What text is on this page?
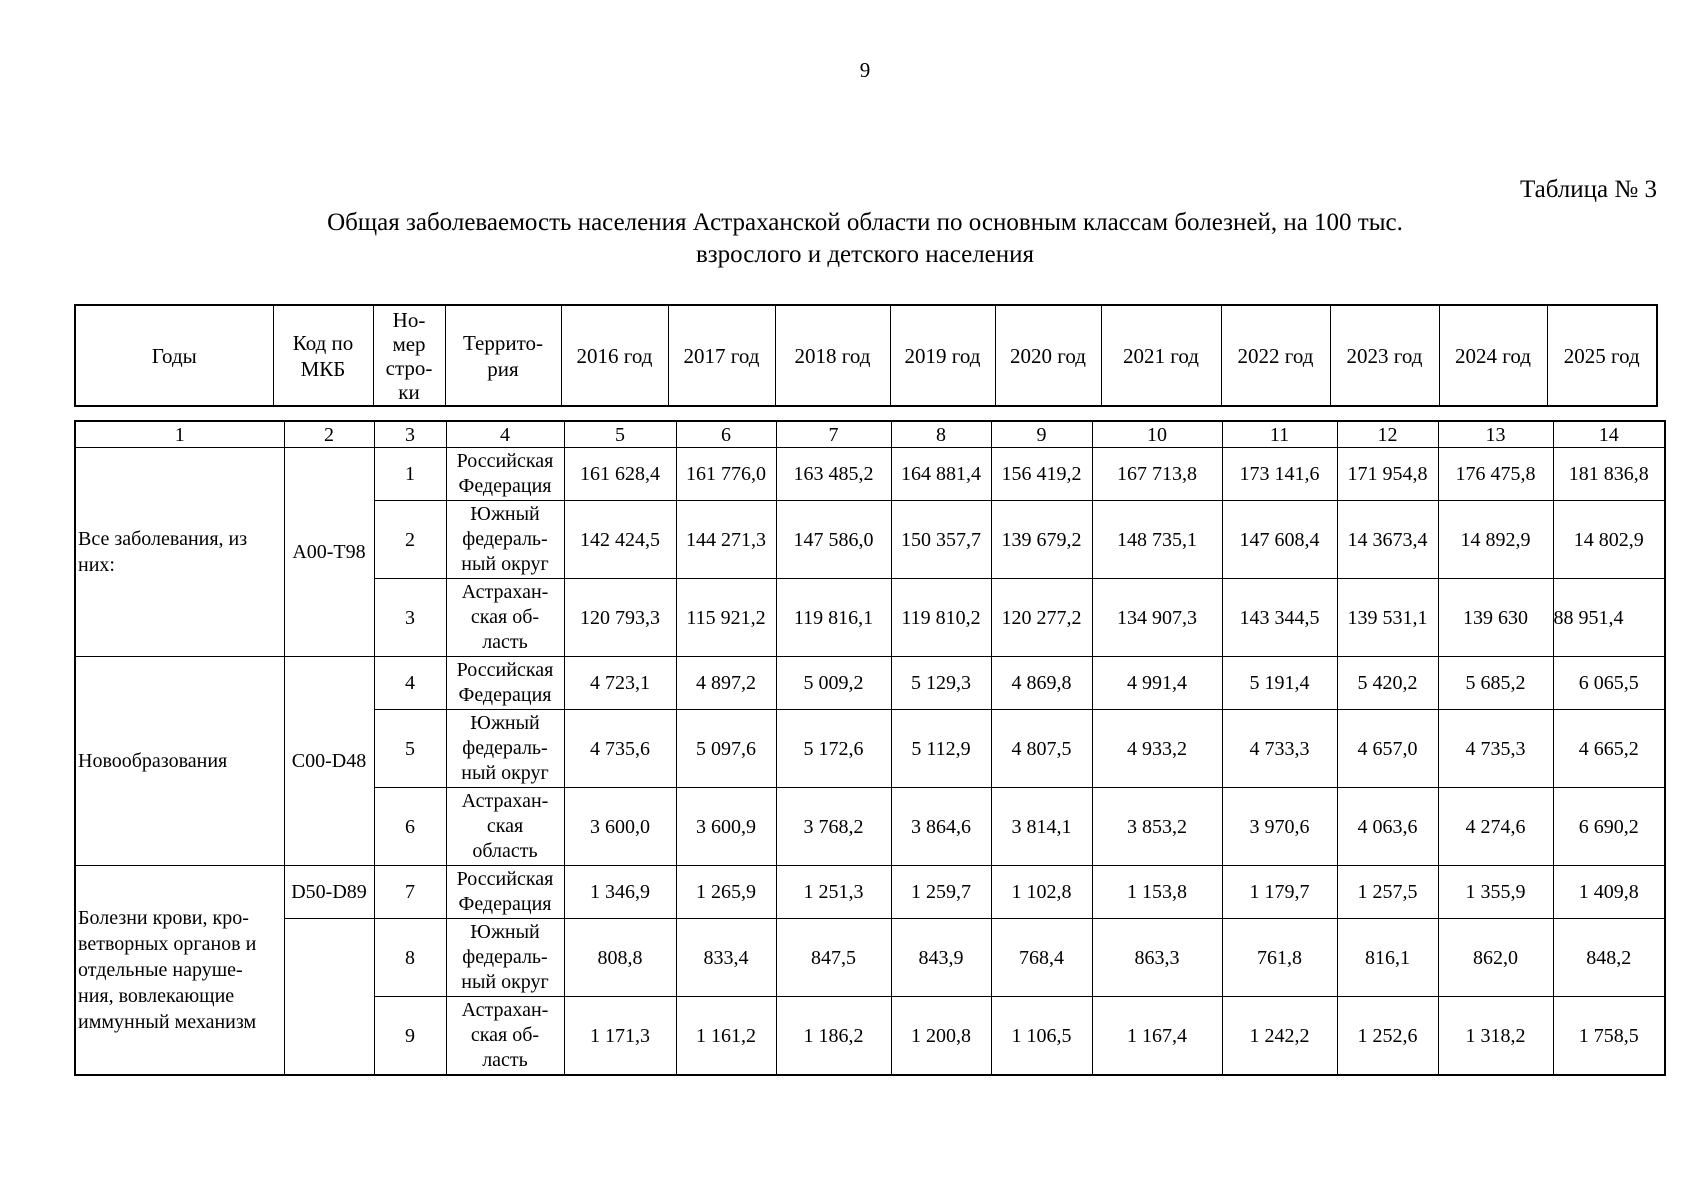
9
Таблица № 3
Общая заболеваемость населения Астраханской области по основным классам болезней, на 100 тыс.
взрослого и детского населения
Годы	Код по
МКБ	Но-
мер
стро-
ки	Террито-
рия	2016 год	2017 год	2018 год	2019 год	2020 год	2021 год	2022 год	2023 год	2024 год	2025 год
1	2	3	4	5	6	7	8	9	10	11	12	13	14
Все заболевания, из
них:	A00-T98	1	Российская
Федерация	161 628,4	161 776,0	163 485,2	164 881,4	156 419,2	167 713,8	173 141,6	171 954,8	176 475,8	181 836,8
		2	Южный
федераль-
ный округ	142 424,5	144 271,3	147 586,0	150 357,7	139 679,2	148 735,1	147 608,4	14 3673,4	14 892,9	14 802,9
		3	Астрахан-
ская об-
ласть	120 793,3	115 921,2	119 816,1	119 810,2	120 277,2	134 907,3	143 344,5	139 531,1	139 630	88 951,4
Новообразования	C00-D48	4	Российская
Федерация	4 723,1	4 897,2	5 009,2	5 129,3	4 869,8	4 991,4	5 191,4	5 420,2	5 685,2	6 065,5
		5	Южный
федераль-
ный округ	4 735,6	5 097,6	5 172,6	5 112,9	4 807,5	4 933,2	4 733,3	4 657,0	4 735,3	4 665,2
		6	Астрахан-
ская
область	3 600,0	3 600,9	3 768,2	3 864,6	3 814,1	3 853,2	3 970,6	4 063,6	4 274,6	6 690,2
Болезни крови, кро-
ветворных органов и
отдельные наруше-
ния, вовлекающие
иммунный механизм	D50-D89	7	Российская
Федерация	1 346,9	1 265,9	1 251,3	1 259,7	1 102,8	1 153,8	1 179,7	1 257,5	1 355,9	1 409,8
		8	Южный
федераль-
ный округ	808,8	833,4	847,5	843,9	768,4	863,3	761,8	816,1	862,0	848,2
		9	Астрахан-
ская об-
ласть	1 171,3	1 161,2	1 186,2	1 200,8	1 106,5	1 167,4	1 242,2	1 252,6	1 318,2	1 758,5
